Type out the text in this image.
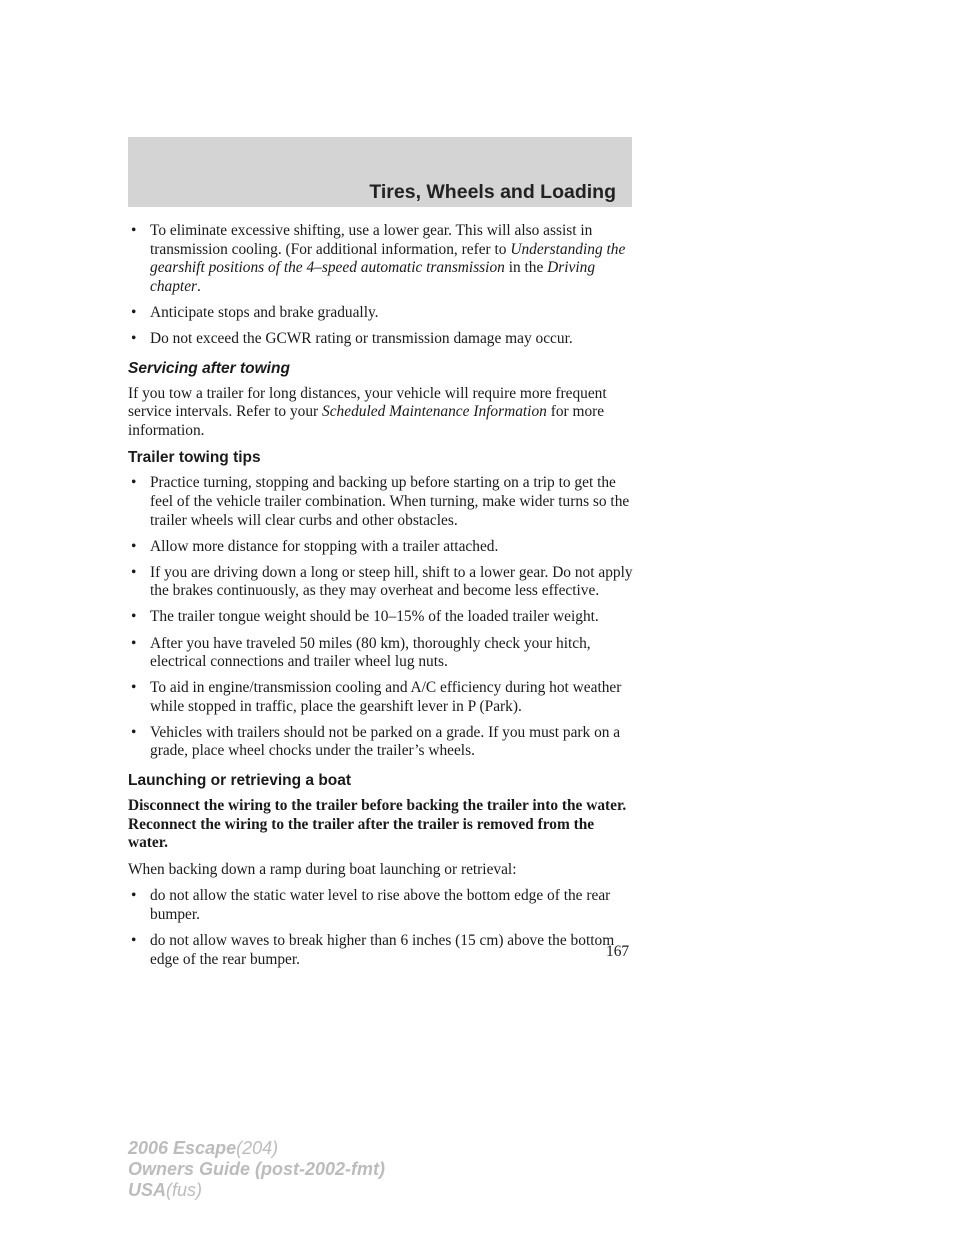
Tires, Wheels and Loading
• To eliminate excessive shifting, use a lower gear. This will also assist in transmission cooling. (For additional information, refer to Understanding the gearshift positions of the 4–speed automatic transmission in the Driving chapter.
• Anticipate stops and brake gradually.
• Do not exceed the GCWR rating or transmission damage may occur.
Servicing after towing

If you tow a trailer for long distances, your vehicle will require more frequent service intervals. Refer to your Scheduled Maintenance Information for more information.

Trailer towing tips
• Practice turning, stopping and backing up before starting on a trip to get the feel of the vehicle trailer combination. When turning, make wider turns so the trailer wheels will clear curbs and other obstacles.
• Allow more distance for stopping with a trailer attached.
• If you are driving down a long or steep hill, shift to a lower gear. Do not apply the brakes continuously, as they may overheat and become less effective.
• The trailer tongue weight should be 10–15% of the loaded trailer weight.
• After you have traveled 50 miles (80 km), thoroughly check your hitch, electrical connections and trailer wheel lug nuts.
• To aid in engine/transmission cooling and A/C efficiency during hot weather while stopped in traffic, place the gearshift lever in P (Park).
• Vehicles with trailers should not be parked on a grade. If you must park on a grade, place wheel chocks under the trailer’s wheels.
Launching or retrieving a boat

Disconnect the wiring to the trailer before backing the trailer into the water. Reconnect the wiring to the trailer after the trailer is removed from the water.

When backing down a ramp during boat launching or retrieval:

• do not allow the static water level to rise above the bottom edge of the rear bumper.
• do not allow waves to break higher than 6 inches (15 cm) above the bottom edge of the rear bumper.	167
2006 Escape(204)
Owners Guide (post-2002-fmt)
USA(fus)
